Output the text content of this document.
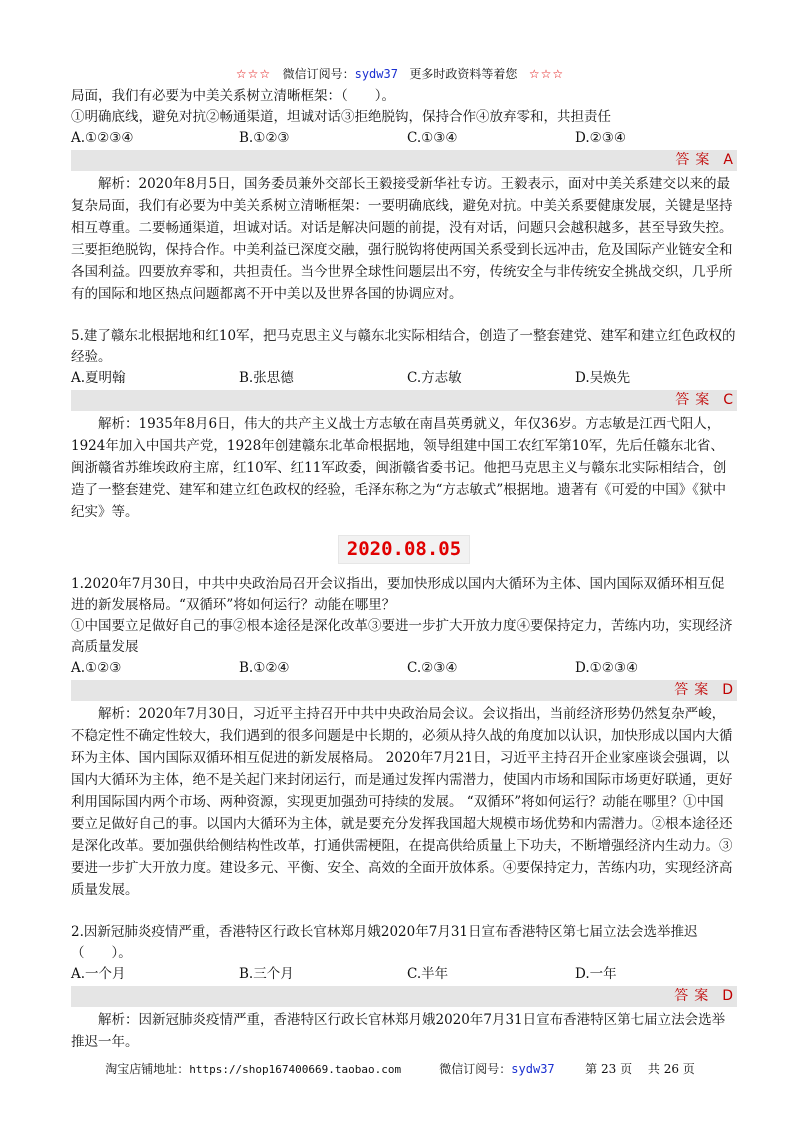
☆☆☆ 微信订阅号：sydw37 更多时政资料等着您 ☆☆☆

局面，我们有必要为中美关系树立清晰框架：（　　）。

①明确底线，避免对抗②畅通渠道，坦诚对话③拒绝脱钩，保持合作④放弃零和，共担责任

A.①②③④	B.①②③	C.①③④	D.②③④
答案 A

解析：2020年8月5日，国务委员兼外交部长王毅接受新华社专访。王毅表示，面对中美关系建交以来的最复杂局面，我们有必要为中美关系树立清晰框架：一要明确底线，避免对抗。中美关系要健康发展，关键是坚持相互尊重。二要畅通渠道，坦诚对话。对话是解决问题的前提，没有对话，问题只会越积越多，甚至导致失控。三要拒绝脱钩，保持合作。中美利益已深度交融，强行脱钩将使两国关系受到长远冲击，危及国际产业链安全和各国利益。四要放弃零和，共担责任。当今世界全球性问题层出不穷，传统安全与非传统安全挑战交织，几乎所有的国际和地区热点问题都离不开中美以及世界各国的协调应对。

5.建了赣东北根据地和红10军，把马克思主义与赣东北实际相结合，创造了一整套建党、建军和建立红色政权的经验。

A.夏明翰	B.张思德	C.方志敏	D.吴焕先
答案 C

解析：1935年8月6日，伟大的共产主义战士方志敏在南昌英勇就义，年仅36岁。方志敏是江西弋阳人，1924年加入中国共产党，1928年创建赣东北革命根据地，领导组建中国工农红军第10军，先后任赣东北省、闽浙赣省苏维埃政府主席，红10军、红11军政委，闽浙赣省委书记。他把马克思主义与赣东北实际相结合，创造了一整套建党、建军和建立红色政权的经验，毛泽东称之为“方志敏式”根据地。遗著有《可爱的中国》《狱中纪实》等。

2020.08.05

1.2020年7月30日，中共中央政治局召开会议指出，要加快形成以国内大循环为主体、国内国际双循环相互促进的新发展格局。“双循环”将如何运行？动能在哪里？

①中国要立足做好自己的事②根本途径是深化改革③要进一步扩大开放力度④要保持定力，苦练内功，实现经济高质量发展

A.①②③	B.①②④	C.②③④	D.①②③④
答案 D

解析：2020年7月30日，习近平主持召开中共中央政治局会议。会议指出，当前经济形势仍然复杂严峻，不稳定性不确定性较大，我们遇到的很多问题是中长期的，必须从持久战的角度加以认识，加快形成以国内大循环为主体、国内国际双循环相互促进的新发展格局。 2020年7月21日，习近平主持召开企业家座谈会强调，以国内大循环为主体，绝不是关起门来封闭运行，而是通过发挥内需潜力，使国内市场和国际市场更好联通，更好利用国际国内两个市场、两种资源，实现更加强劲可持续的发展。 “双循环”将如何运行？动能在哪里？①中国要立足做好自己的事。以国内大循环为主体，就是要充分发挥我国超大规模市场优势和内需潜力。②根本途径还是深化改革。要加强供给侧结构性改革，打通供需梗阻，在提高供给质量上下功夫，不断增强经济内生动力。③要进一步扩大开放力度。建设多元、平衡、安全、高效的全面开放体系。④要保持定力，苦练内功，实现经济高质量发展。

2.因新冠肺炎疫情严重，香港特区行政长官林郑月娥2020年7月31日宣布香港特区第七届立法会选举推迟（　　）。

A.一个月	B.三个月	C.半年	D.一年
答案 D

解析：因新冠肺炎疫情严重，香港特区行政长官林郑月娥2020年7月31日宣布香港特区第七届立法会选举推迟一年。

淘宝店铺地址：https://shop167400669.taobao.com	微信订阅号：sydw37	第 23 页　 共 26 页
